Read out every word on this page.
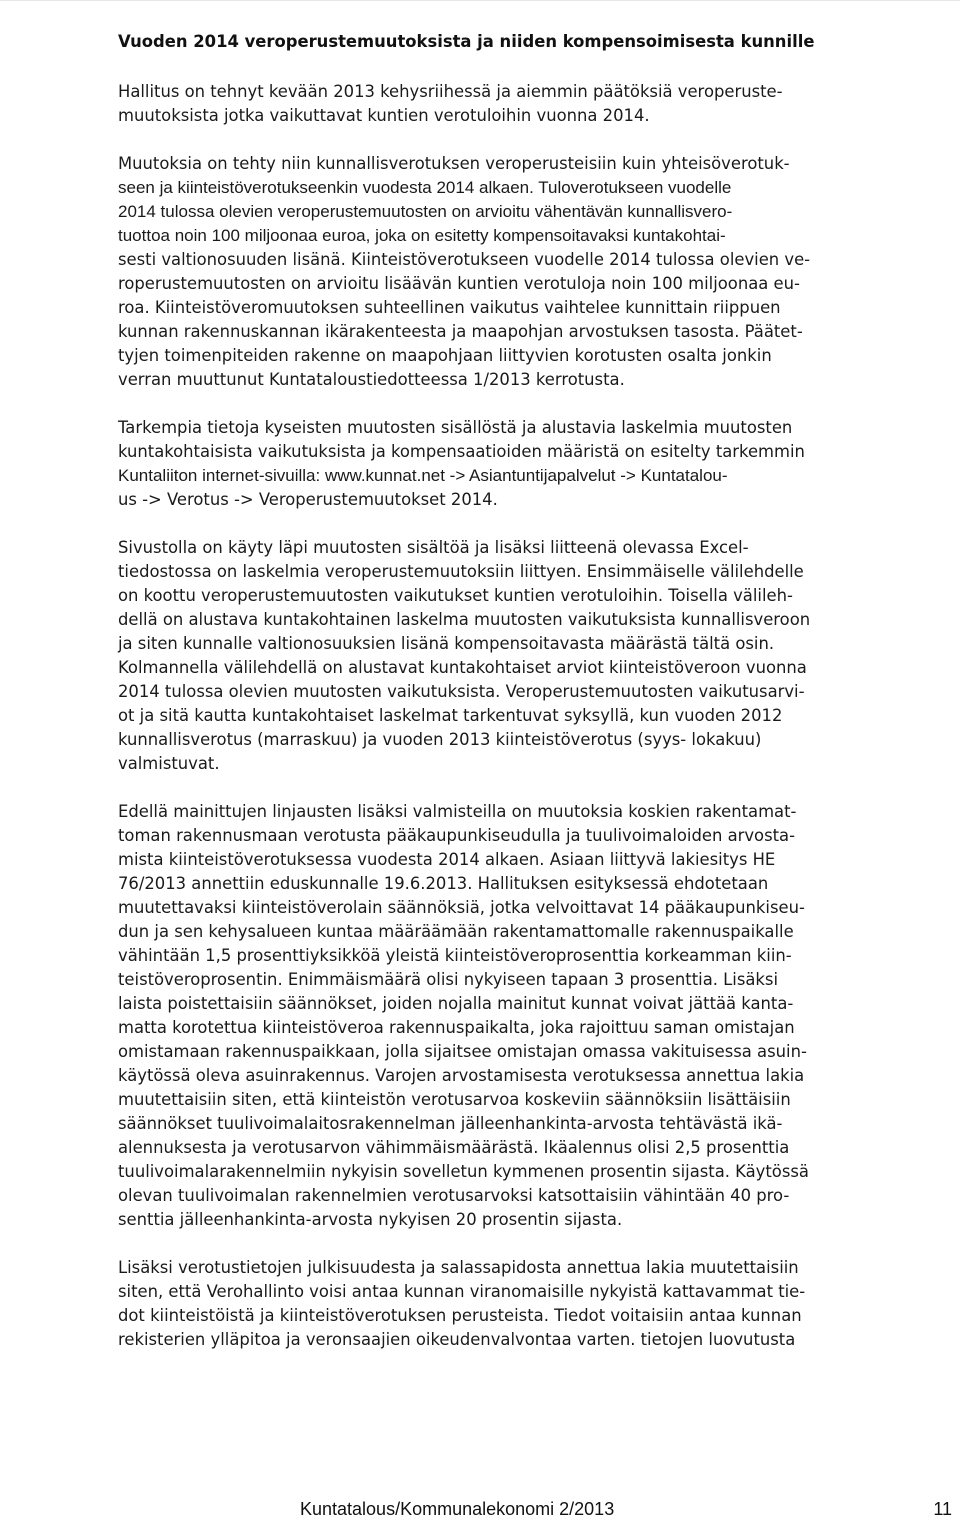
Vuoden 2014 veroperustemuutoksista ja niiden kompensoimisesta kunnille
Hallitus on tehnyt kevään 2013 kehysriihessä ja aiemmin päätöksiä veroperuste-
muutoksista jotka vaikuttavat kuntien verotuloihin vuonna 2014.
Muutoksia on tehty niin kunnallisverotuksen veroperusteisiin kuin yhteisöverotuk-
seen ja kiinteistöverotukseenkin vuodesta 2014 alkaen. Tuloverotukseen vuodelle
2014 tulossa olevien veroperustemuutosten on arvioitu vähentävän kunnallisvero-
tuottoa noin 100 miljoonaa euroa, joka on esitetty kompensoitavaksi kuntakohtai-
sesti valtionosuuden lisänä. Kiinteistöverotukseen vuodelle 2014 tulossa olevien ve-
roperustemuutosten on arvioitu lisäävän kuntien verotuloja noin 100 miljoonaa eu-
roa. Kiinteistöveromuutoksen suhteellinen vaikutus vaihtelee kunnittain riippuen
kunnan rakennuskannan ikärakenteesta ja maapohjan arvostuksen tasosta. Päätet-
tyjen toimenpiteiden rakenne on maapohjaan liittyvien korotusten osalta jonkin
verran muuttunut Kuntataloustiedotteessa 1/2013 kerrotusta.
Tarkempia tietoja kyseisten muutosten sisällöstä ja alustavia laskelmia muutosten
kuntakohtaisista vaikutuksista ja kompensaatioiden määristä on esitelty tarkemmin
Kuntaliiton internet-sivuilla: www.kunnat.net -> Asiantuntijapalvelut -> Kuntatalou-
us -> Verotus -> Veroperustemuutokset 2014.
Sivustolla on käyty läpi muutosten sisältöä ja lisäksi liitteenä olevassa Excel-
tiedostossa on laskelmia veroperustemuutoksiin liittyen. Ensimmäiselle välilehdelle
on koottu veroperustemuutosten vaikutukset kuntien verotuloihin. Toisella välileh-
dellä on alustava kuntakohtainen laskelma muutosten vaikutuksista kunnallisveroon
ja siten kunnalle valtionosuuksien lisänä kompensoitavasta määrästä tältä osin.
Kolmannella välilehdellä on alustavat kuntakohtaiset arviot kiinteistöveroon vuonna
2014 tulossa olevien muutosten vaikutuksista. Veroperustemuutosten vaikutusarvi-
ot ja sitä kautta kuntakohtaiset laskelmat tarkentuvat syksyllä, kun vuoden 2012
kunnallisverotus (marraskuu) ja vuoden 2013 kiinteistöverotus (syys- lokakuu)
valmistuvat.
Edellä mainittujen linjausten lisäksi valmisteilla on muutoksia koskien rakentamat-
toman rakennusmaan verotusta pääkaupunkiseudulla ja tuulivoimaloiden arvosta-
mista kiinteistöverotuksessa vuodesta 2014 alkaen. Asiaan liittyvä lakiesitys HE
76/2013 annettiin eduskunnalle 19.6.2013. Hallituksen esityksessä ehdotetaan
muutettavaksi kiinteistöverolain säännöksiä, jotka velvoittavat 14 pääkaupunkiseu-
dun ja sen kehysalueen kuntaa määräämään rakentamattomalle rakennuspaikalle
vähintään 1,5 prosenttiyksikköä yleistä kiinteistöveroprosenttia korkeamman kiin-
teistöveroprosentin. Enimmäismäärä olisi nykyiseen tapaan 3 prosenttia. Lisäksi
laista poistettaisiin säännökset, joiden nojalla mainitut kunnat voivat jättää kanta-
matta korotettua kiinteistöveroa rakennuspaikalta, joka rajoittuu saman omistajan
omistamaan rakennuspaikkaan, jolla sijaitsee omistajan omassa vakituisessa asuin-
käytössä oleva asuinrakennus. Varojen arvostamisesta verotuksessa annettua lakia
muutettaisiin siten, että kiinteistön verotusarvoa koskeviin säännöksiin lisättäisiin
säännökset tuulivoimalaitosrakennelman jälleenhankinta-arvosta tehtävästä ikä-
alennuksesta ja verotusarvon vähimmäismäärästä. Ikäalennus olisi 2,5 prosenttia
tuulivoimalarakennelmiin nykyisin sovelletun kymmenen prosentin sijasta. Käytössä
olevan tuulivoimalan rakennelmien verotusarvoksi katsottaisiin vähintään 40 pro-
senttia jälleenhankinta-arvosta nykyisen 20 prosentin sijasta.
Lisäksi verotustietojen julkisuudesta ja salassapidosta annettua lakia muutettaisiin
siten, että Verohallinto voisi antaa kunnan viranomaisille nykyistä kattavammat tie-
dot kiinteistöistä ja kiinteistöverotuksen perusteista. Tiedot voitaisiin antaa kunnan
rekisterien ylläpitoa ja veronsaajien oikeudenvalvontaa varten. tietojen luovutusta
Kuntatalous/Kommunalekonomi 2/2013	11
